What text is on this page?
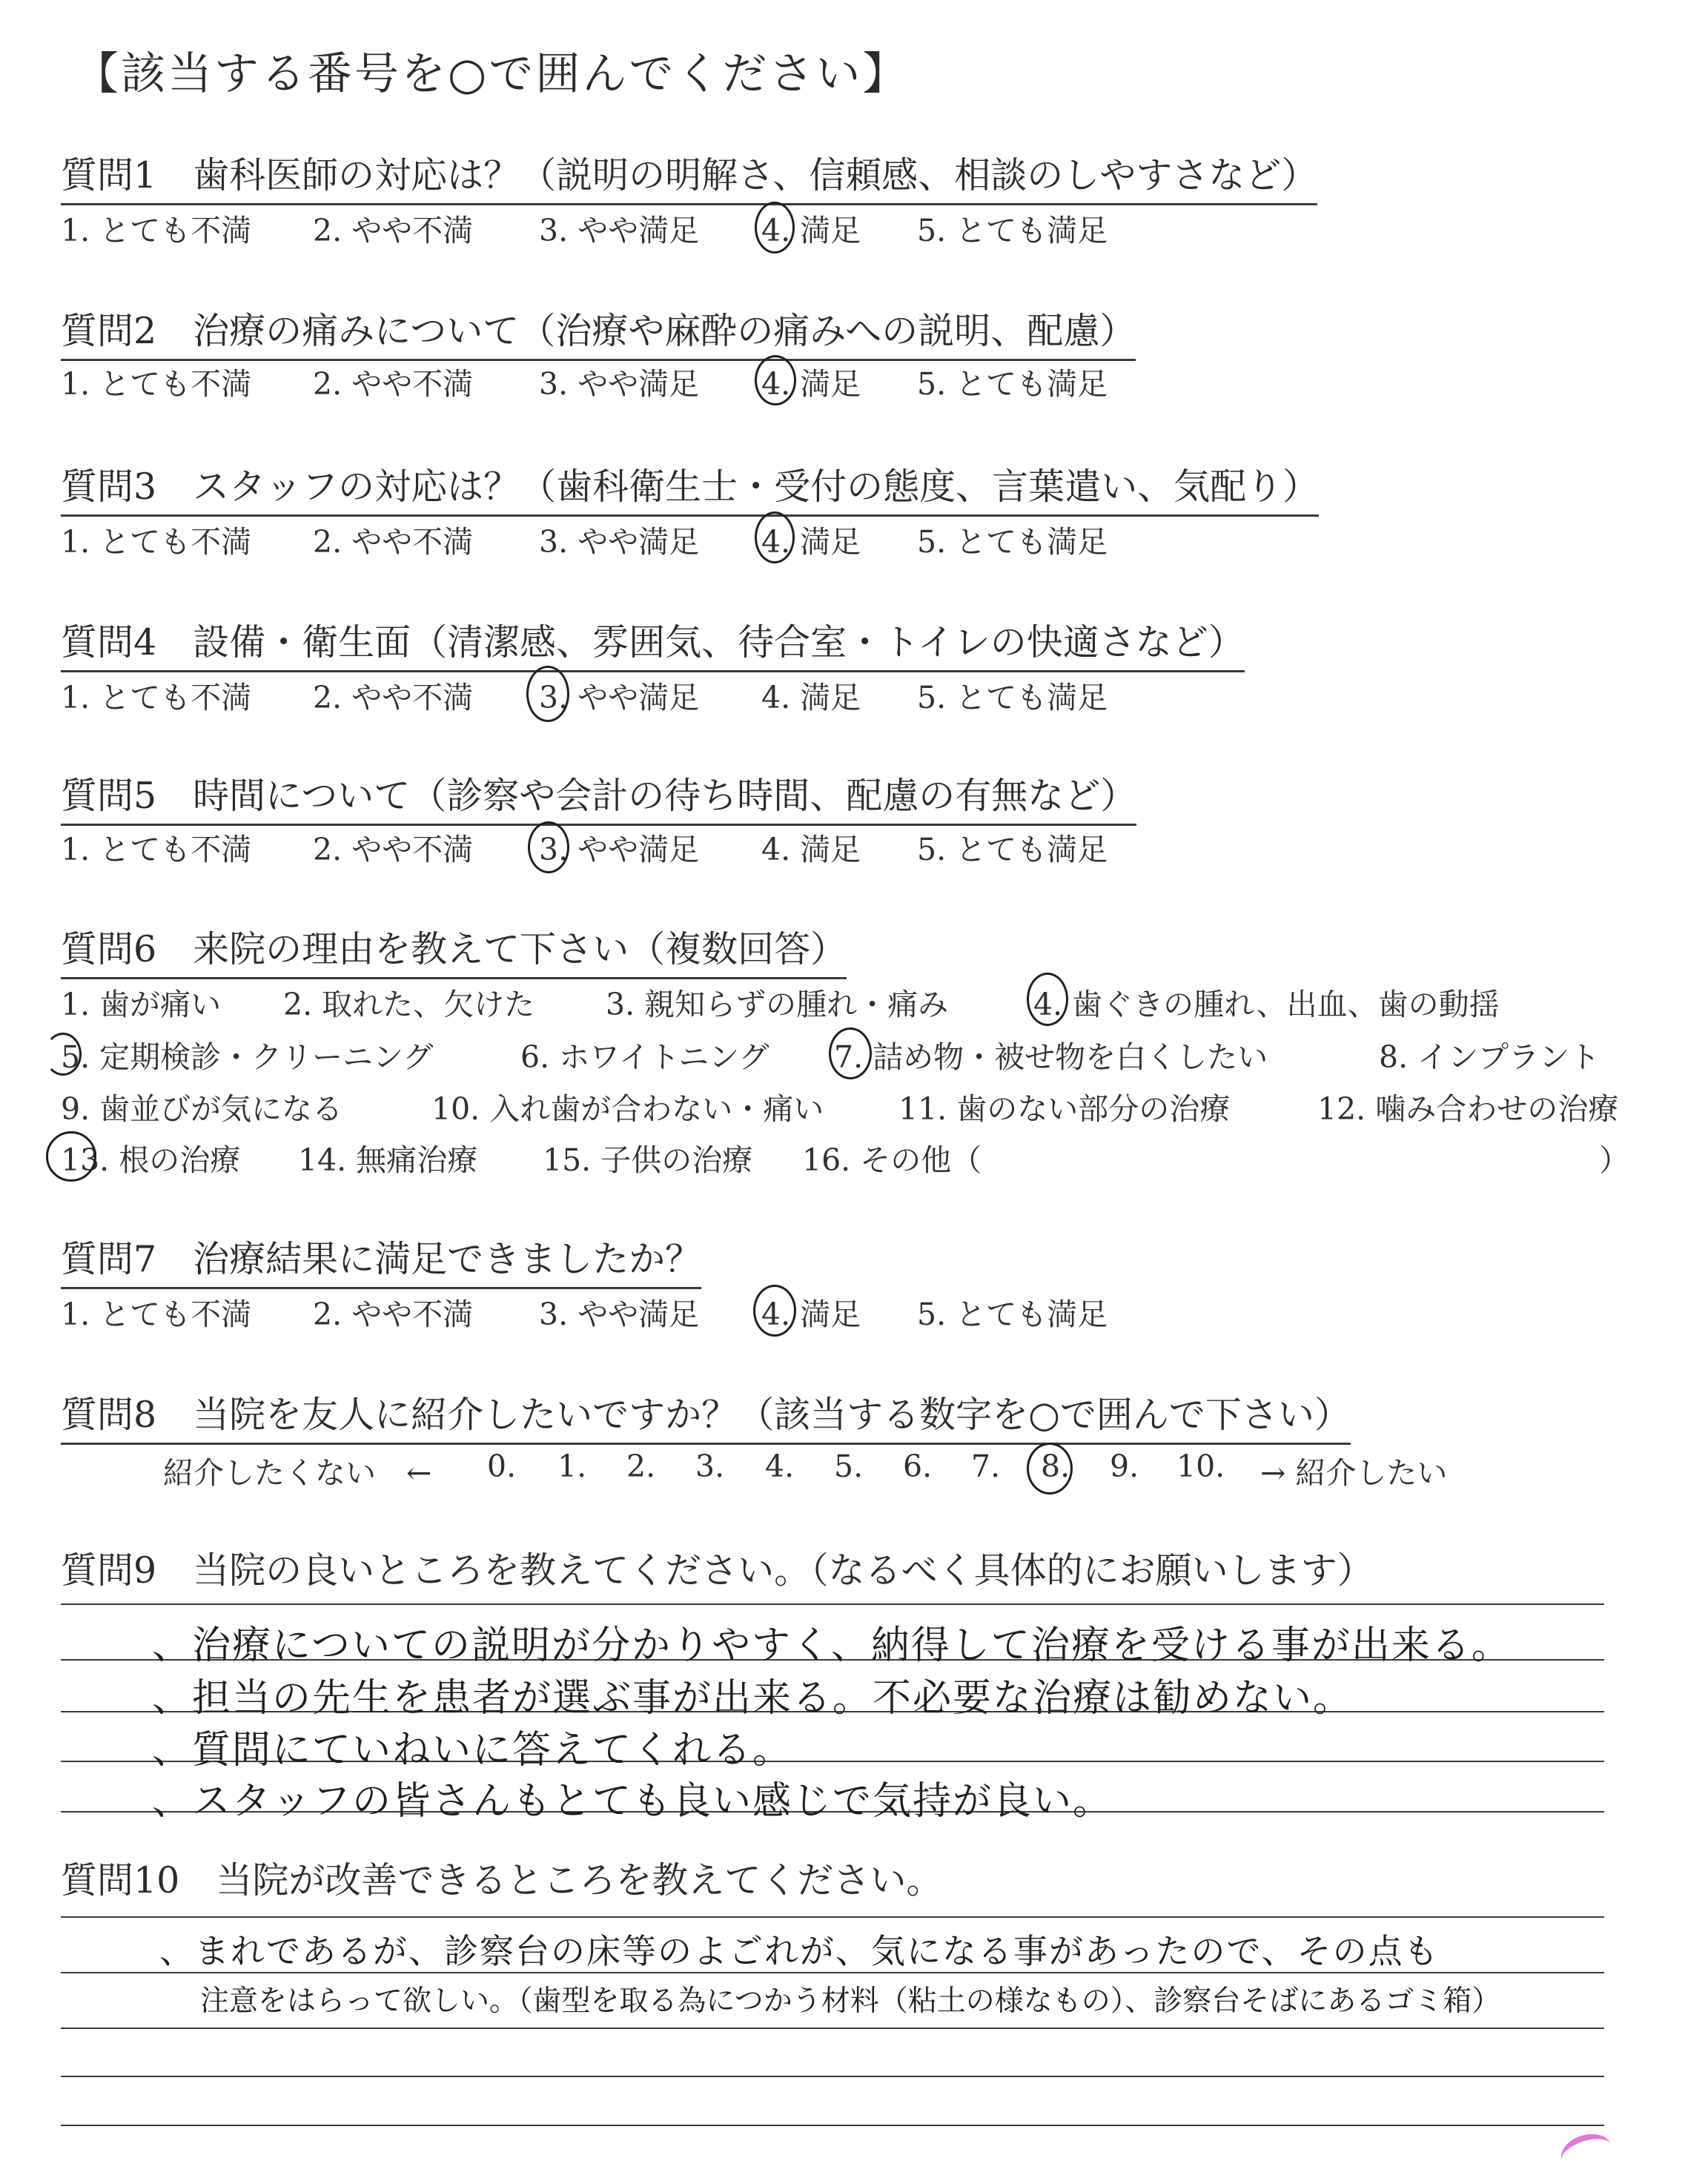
【該当する番号を○で囲んでください】
質問1　歯科医師の対応は？（説明の明解さ、信頼感、相談のしやすさなど）
1. とても不満 2. やや不満 3. やや満足 4. 満足 5. とても満足
質問2　治療の痛みについて（治療や麻酔の痛みへの説明、配慮）
1. とても不満 2. やや不満 3. やや満足 4. 満足 5. とても満足
質問3　スタッフの対応は？（歯科衛生士・受付の態度、言葉遣い、気配り）
1. とても不満 2. やや不満 3. やや満足 4. 満足 5. とても満足
質問4　設備・衛生面（清潔感、雰囲気、待合室・トイレの快適さなど）
1. とても不満 2. やや不満 3. やや満足 4. 満足 5. とても満足
質問5　時間について（診察や会計の待ち時間、配慮の有無など）
1. とても不満 2. やや不満 3. やや満足 4. 満足 5. とても満足
質問6　来院の理由を教えて下さい（複数回答）
1. 歯が痛い 2. 取れた、欠けた 3. 親知らずの腫れ・痛み	4. 歯ぐきの腫れ、出血、歯の動揺
5. 定期検診・クリーニング	6. ホワイトニング 7. 詰め物・被せ物を白くしたい	8. インプラント
9. 歯並びが気になる	10. 入れ歯が合わない・痛い 11. 歯のない部分の治療	12. 噛み合わせの治療
13. 根の治療 14. 無痛治療 15. 子供の治療 16. その他（	）
質問7　治療結果に満足できましたか？
1. とても不満 2. やや不満 3. やや満足 4. 満足 5. とても満足
質問8　当院を友人に紹介したいですか？（該当する数字を○で囲んで下さい）
紹介したくない　← 0. 1. 2. 3. 4. 5. 6. 7. 8. 9. 10. → 紹介したい
質問9　当院の良いところを教えてください。（なるべく具体的にお願いします）
、治療についての説明が分かりやすく、納得して治療を受ける事が出来る。
、担当の先生を患者が選ぶ事が出来る。不必要な治療は勧めない。
、質問にていねいに答えてくれる。
、スタッフの皆さんもとても良い感じで気持が良い。
質問10　当院が改善できるところを教えてください。
、まれであるが、診察台の床等のよごれが、気になる事があったので、その点も
注意をはらって欲しい。（歯型を取る為につかう材料（粘土の様なもの）、診察台そばにあるゴミ箱）
